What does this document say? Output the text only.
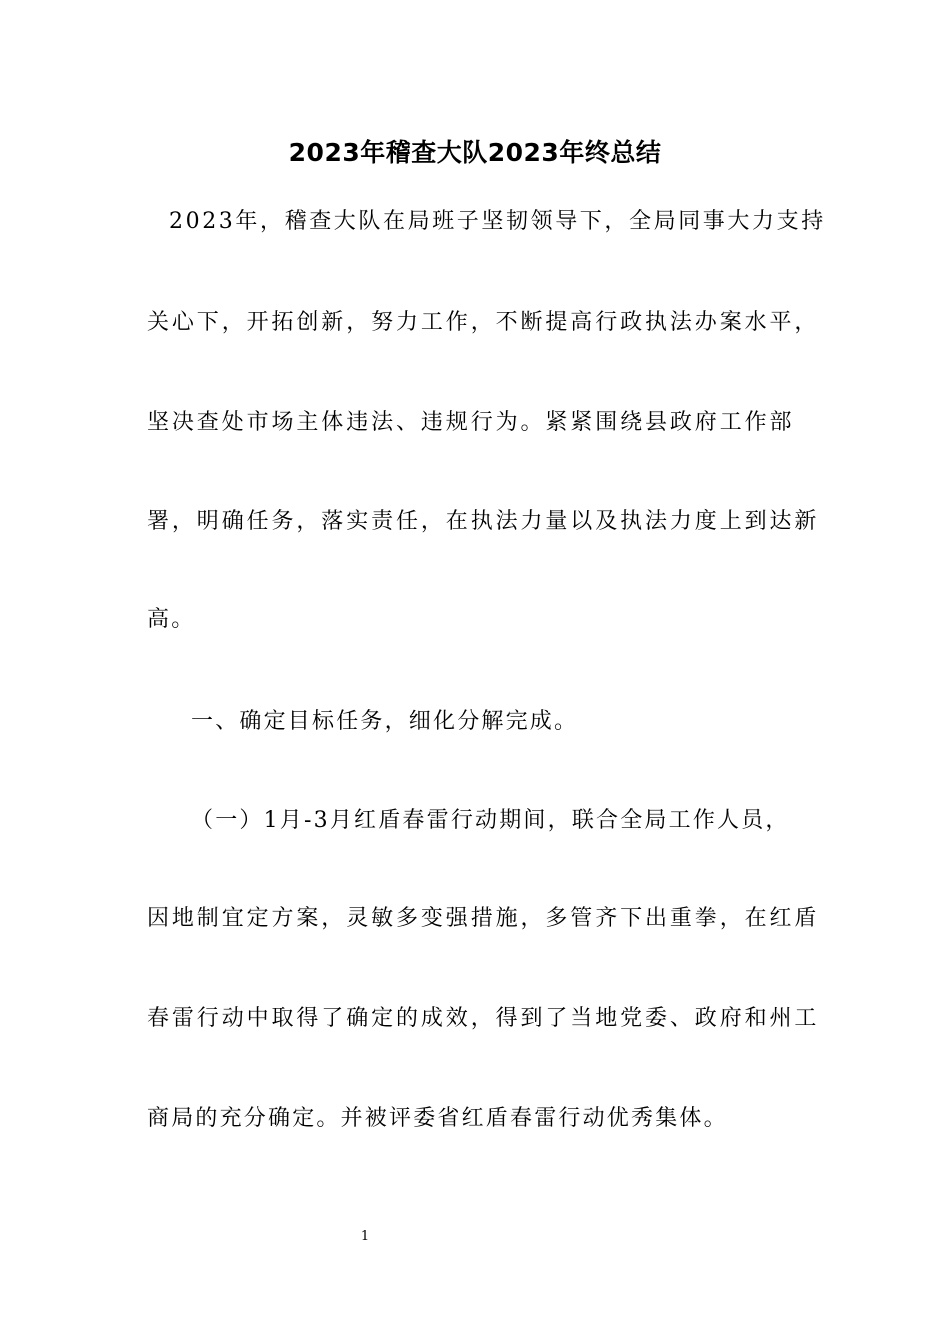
2023年稽查大队2023年终总结
2023年，稽查大队在局班子坚韧领导下，全局同事大力支持
关心下，开拓创新，努力工作，不断提高行政执法办案水平，
坚决查处市场主体违法、违规行为。紧紧围绕县政府工作部
署，明确任务，落实责任，在执法力量以及执法力度上到达新
高。
一、确定目标任务，细化分解完成。
（一）1月-3月红盾春雷行动期间，联合全局工作人员，
因地制宜定方案，灵敏多变强措施，多管齐下出重拳，在红盾
春雷行动中取得了确定的成效，得到了当地党委、政府和州工
商局的充分确定。并被评委省红盾春雷行动优秀集体。
1
